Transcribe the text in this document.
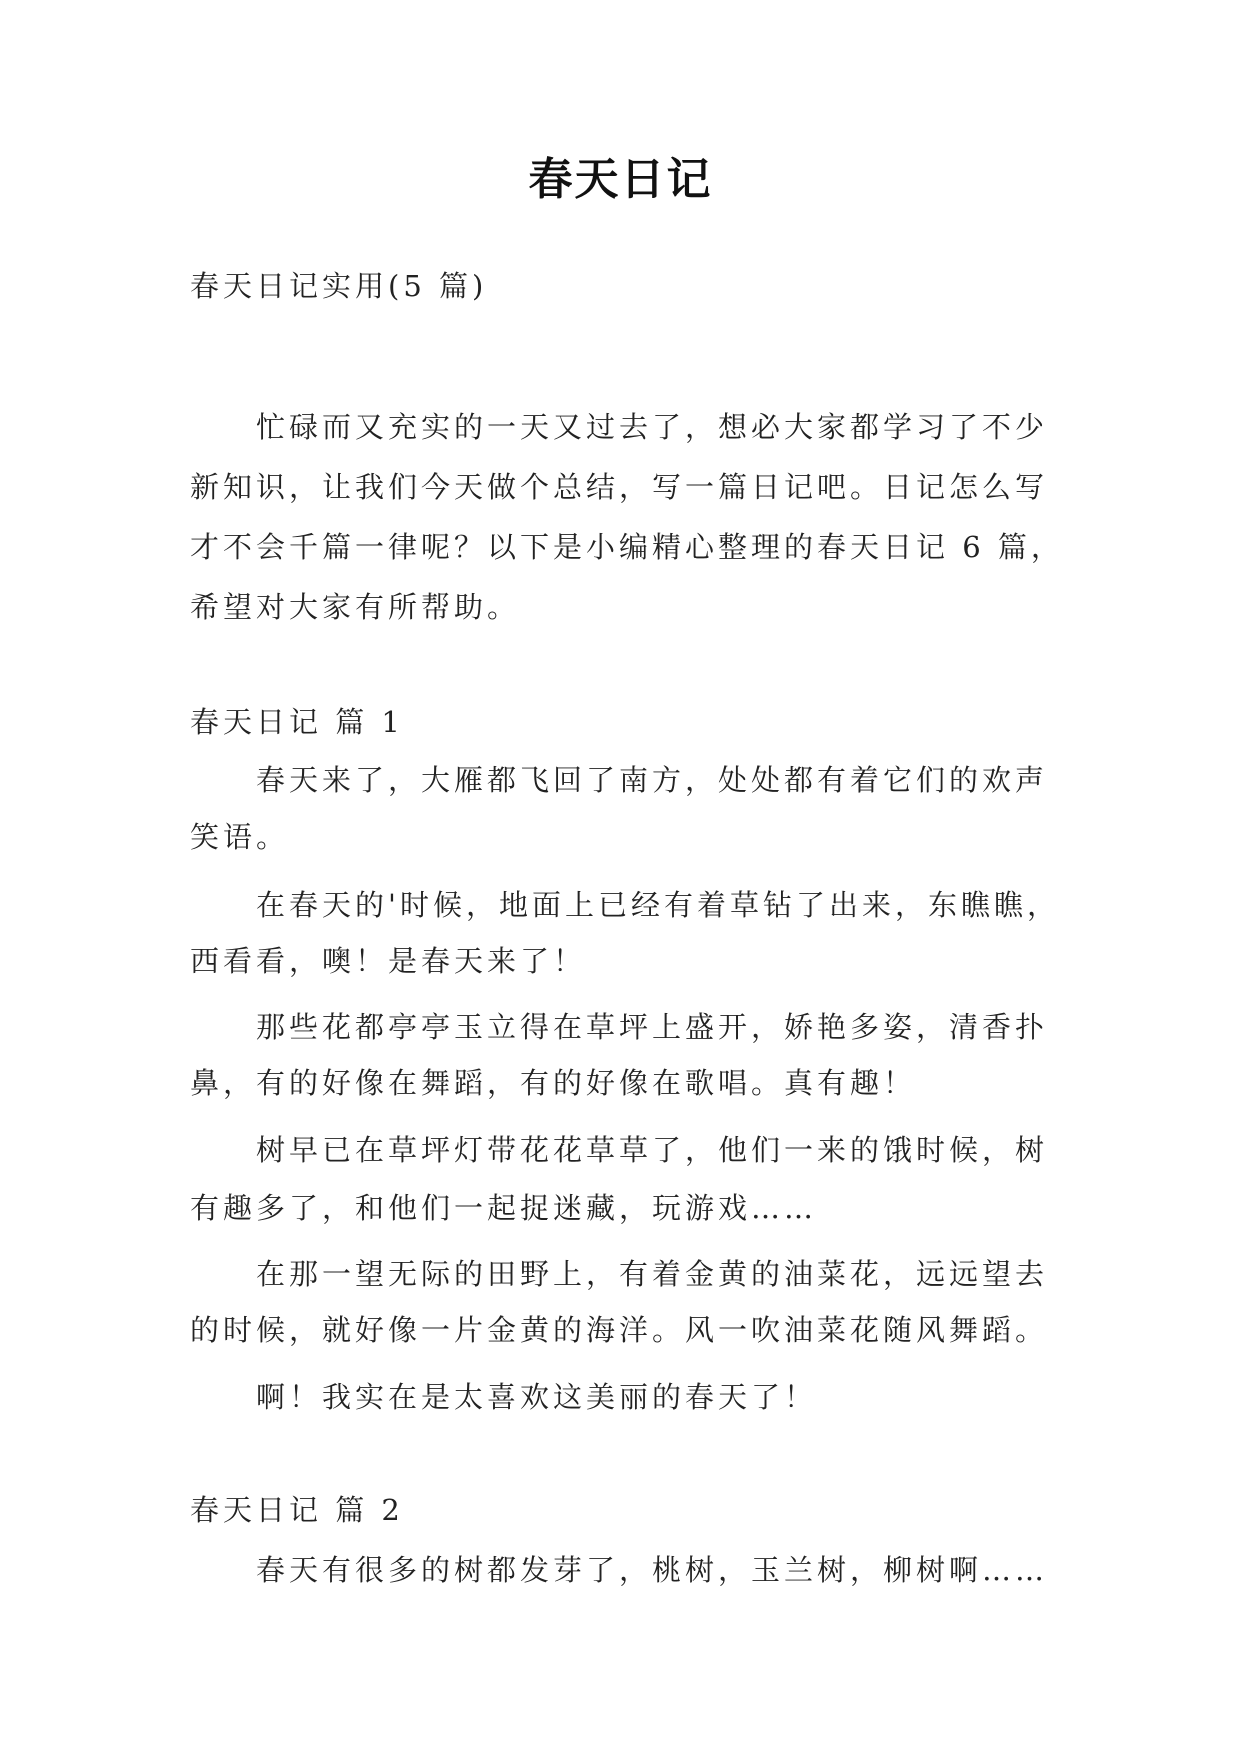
春天日记
春天日记实用(5 篇)
忙碌而又充实的一天又过去了，想必大家都学习了不少
新知识，让我们今天做个总结，写一篇日记吧。日记怎么写
才不会千篇一律呢？以下是小编精心整理的春天日记 6 篇，
希望对大家有所帮助。
春天日记 篇 1
春天来了，大雁都飞回了南方，处处都有着它们的欢声
笑语。
在春天的'时候，地面上已经有着草钻了出来，东瞧瞧，
西看看，噢！是春天来了！
那些花都亭亭玉立得在草坪上盛开，娇艳多姿，清香扑
鼻，有的好像在舞蹈，有的好像在歌唱。真有趣！
树早已在草坪灯带花花草草了，他们一来的饿时候，树
有趣多了，和他们一起捉迷藏，玩游戏……
在那一望无际的田野上，有着金黄的油菜花，远远望去
的时候，就好像一片金黄的海洋。风一吹油菜花随风舞蹈。
啊！我实在是太喜欢这美丽的春天了！
春天日记 篇 2
春天有很多的树都发芽了，桃树，玉兰树，柳树啊……
